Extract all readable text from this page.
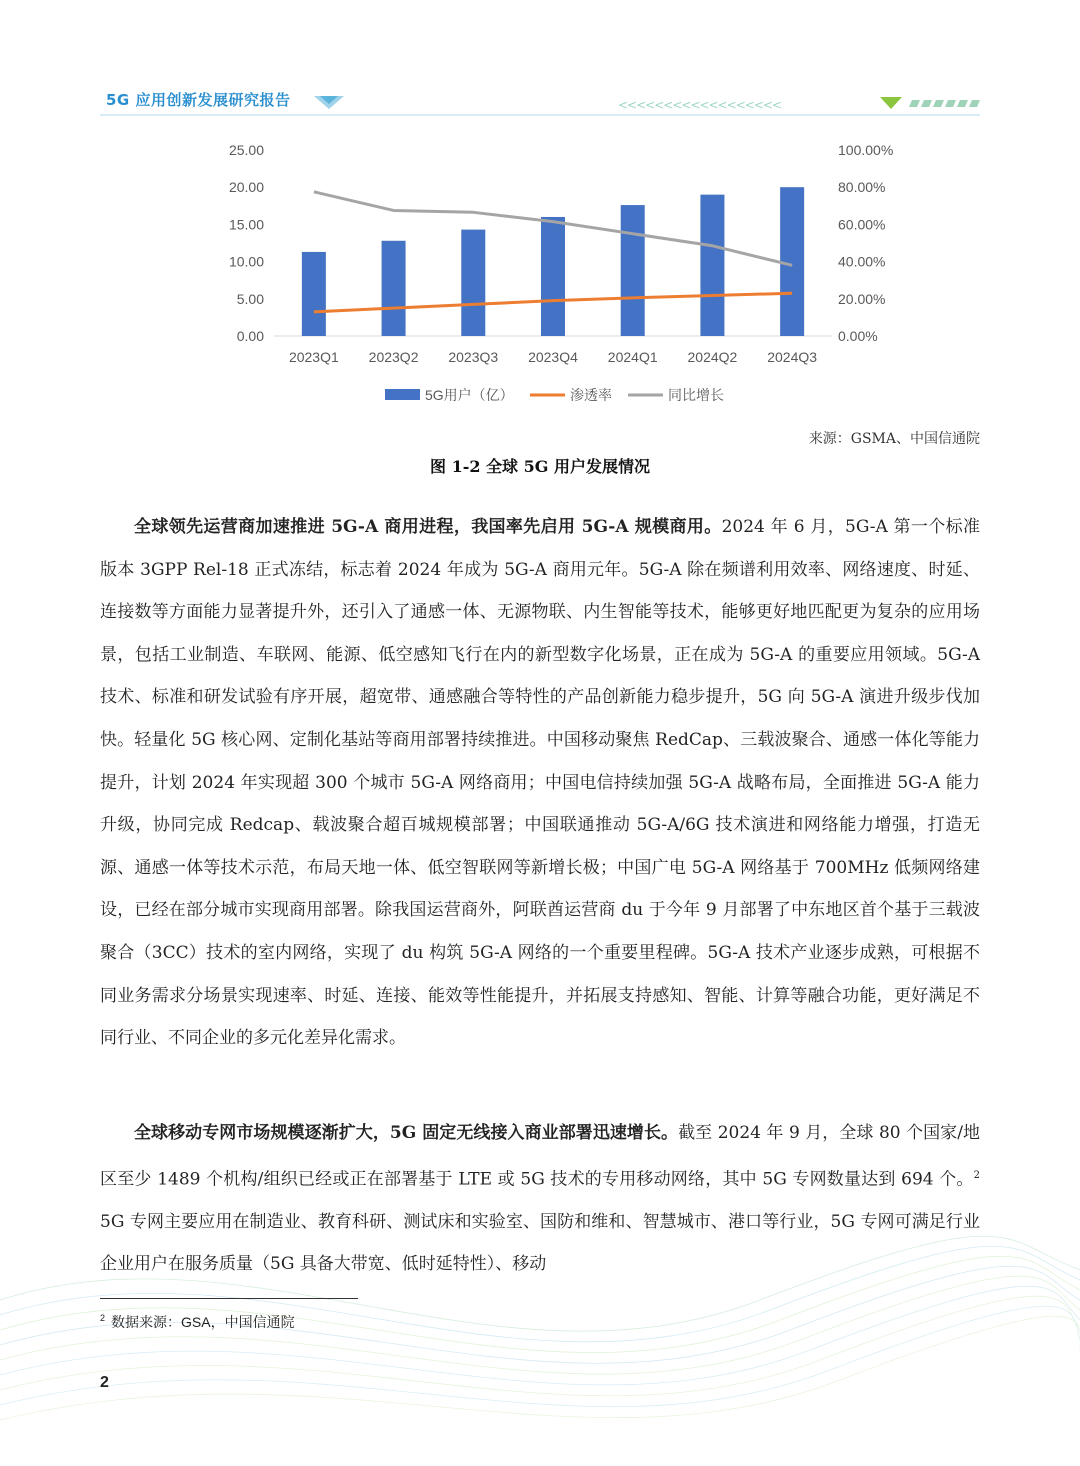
5G 应用创新发展研究报告	<<<<<<<<<<<<<<<<<<
0.00
5.00
10.00
15.00
20.00
25.00
0.00%
20.00%
40.00%
60.00%
80.00%
100.00%
2023Q1 2023Q2 2023Q3 2023Q4 2024Q1 2024Q2 2024Q3
5G用户（亿）	渗透率	同比增长
来源：GSMA、中国信通院
图 1-2 全球 5G 用户发展情况

全球领先运营商加速推进 5G-A 商用进程，我国率先启用 5G-A 规模商用。2024 年 6 月，5G-A 第一个标准版本 3GPP Rel-18 正式冻结，标志着 2024 年成为 5G-A 商用元年。5G-A 除在频谱利用效率、网络速度、时延、连接数等方面能力显著提升外，还引入了通感一体、无源物联、内生智能等技术，能够更好地匹配更为复杂的应用场景，包括工业制造、车联网、能源、低空感知飞行在内的新型数字化场景，正在成为 5G-A 的重要应用领域。5G-A 技术、标准和研发试验有序开展，超宽带、通感融合等特性的产品创新能力稳步提升，5G 向 5G-A 演进升级步伐加快。轻量化 5G 核心网、定制化基站等商用部署持续推进。中国移动聚焦 RedCap、三载波聚合、通感一体化等能力提升，计划 2024 年实现超 300 个城市 5G-A 网络商用；中国电信持续加强 5G-A 战略布局，全面推进 5G-A 能力升级，协同完成 Redcap、载波聚合超百城规模部署；中国联通推动 5G-A/6G 技术演进和网络能力增强，打造无源、通感一体等技术示范，布局天地一体、低空智联网等新增长极；中国广电 5G-A 网络基于 700MHz 低频网络建设，已经在部分城市实现商用部署。除我国运营商外，阿联酋运营商 du 于今年 9 月部署了中东地区首个基于三载波聚合（3CC）技术的室内网络，实现了 du 构筑 5G-A 网络的一个重要里程碑。5G-A 技术产业逐步成熟，可根据不同业务需求分场景实现速率、时延、连接、能效等性能提升，并拓展支持感知、智能、计算等融合功能，更好满足不同行业、不同企业的多元化差异化需求。

全球移动专网市场规模逐渐扩大，5G 固定无线接入商业部署迅速增长。截至 2024 年 9 月，全球 80 个国家/地区至少 1489 个机构/组织已经或正在部署基于 LTE 或 5G 技术的专用移动网络，其中 5G 专网数量达到 694 个。$^2$ 5G 专网主要应用在制造业、教育科研、测试床和实验室、国防和维和、智慧城市、港口等行业，5G 专网可满足行业企业用户在服务质量（5G 具备大带宽、低时延特性）、移动

$^2$ 数据来源：GSA，中国信通院
2
